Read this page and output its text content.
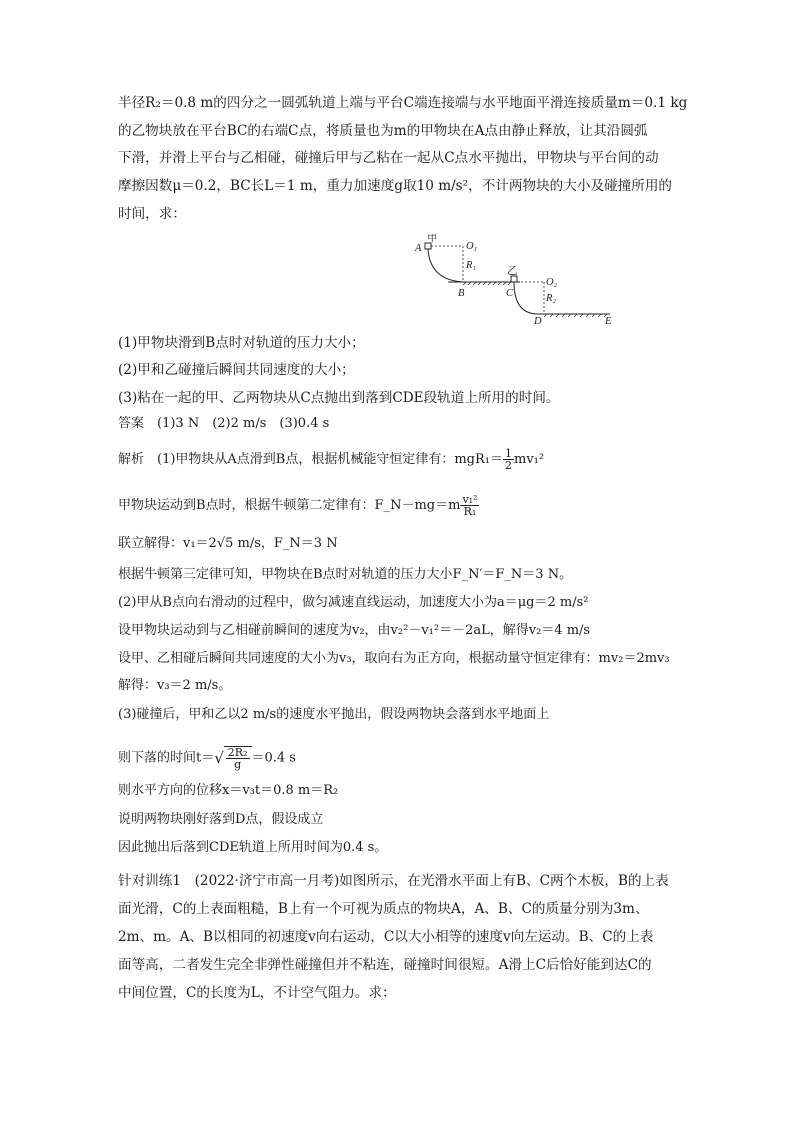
半径R₂＝0.8 m的四分之一圆弧轨道上端与平台C端连接端与水平地面平滑连接质量m＝0.1 kg
的乙物块放在平台BC的右端C点，将质量也为m的甲物块在A点由静止释放，让其沿圆弧
下滑，并滑上平台与乙相碰，碰撞后甲与乙粘在一起从C点水平抛出，甲物块与平台间的动
摩擦因数μ＝0.2，BC长L＝1 m，重力加速度g取10 m/s²，不计两物块的大小及碰撞所用的
时间，求：
A
甲
O₁
R₁
B
乙
C
O₂
R₂
D	E
(1)甲物块滑到B点时对轨道的压力大小；
(2)甲和乙碰撞后瞬间共同速度的大小；
(3)粘在一起的甲、乙两物块从C点抛出到落到CDE段轨道上所用的时间。
答案　(1)3 N　(2)2 m/s　(3)0.4 s
解析　(1)甲物块从A点滑到B点，根据机械能守恒定律有：$mgR_1= \frac{1}{2} mv_1^2$
甲物块运动到B点时，根据牛顿第二定律有：F_N－mg＝m $\frac{\text{v₁²}}{\text{R₁}}$
联立解得：v₁＝2√5 m/s，F_N＝3 N
根据牛顿第三定律可知，甲物块在B点时对轨道的压力大小F_N′＝F_N＝3 N。
(2)甲从B点向右滑动的过程中，做匀减速直线运动，加速度大小为a＝μg＝2 m/s²
设甲物块运动到与乙相碰前瞬间的速度为v₂，由v₂²－v₁²＝－2aL，解得v₂＝4 m/s
设甲、乙相碰后瞬间共同速度的大小为v₃，取向右为正方向，根据动量守恒定律有：mv₂＝2mv₃
解得：v₃＝2 m/s。
(3)碰撞后，甲和乙以2 m/s的速度水平抛出，假设两物块会落到水平地面上
则下落的时间$t=√ \frac{\text{2R₂}}{g} =0.4$ s
则水平方向的位移x＝v₃t＝0.8 m＝R₂
说明两物块刚好落到D点，假设成立
因此抛出后落到CDE轨道上所用时间为0.4 s。
针对训练1　(2022·济宁市高一月考)如图所示，在光滑水平面上有B、C两个木板，B的上表
面光滑，C的上表面粗糙，B上有一个可视为质点的物块A，A、B、C的质量分别为3m、
2m、m。A、B以相同的初速度v向右运动，C以大小相等的速度v向左运动。B、C的上表
面等高，二者发生完全非弹性碰撞但并不粘连，碰撞时间很短。A滑上C后恰好能到达C的
中间位置，C的长度为L，不计空气阻力。求：
